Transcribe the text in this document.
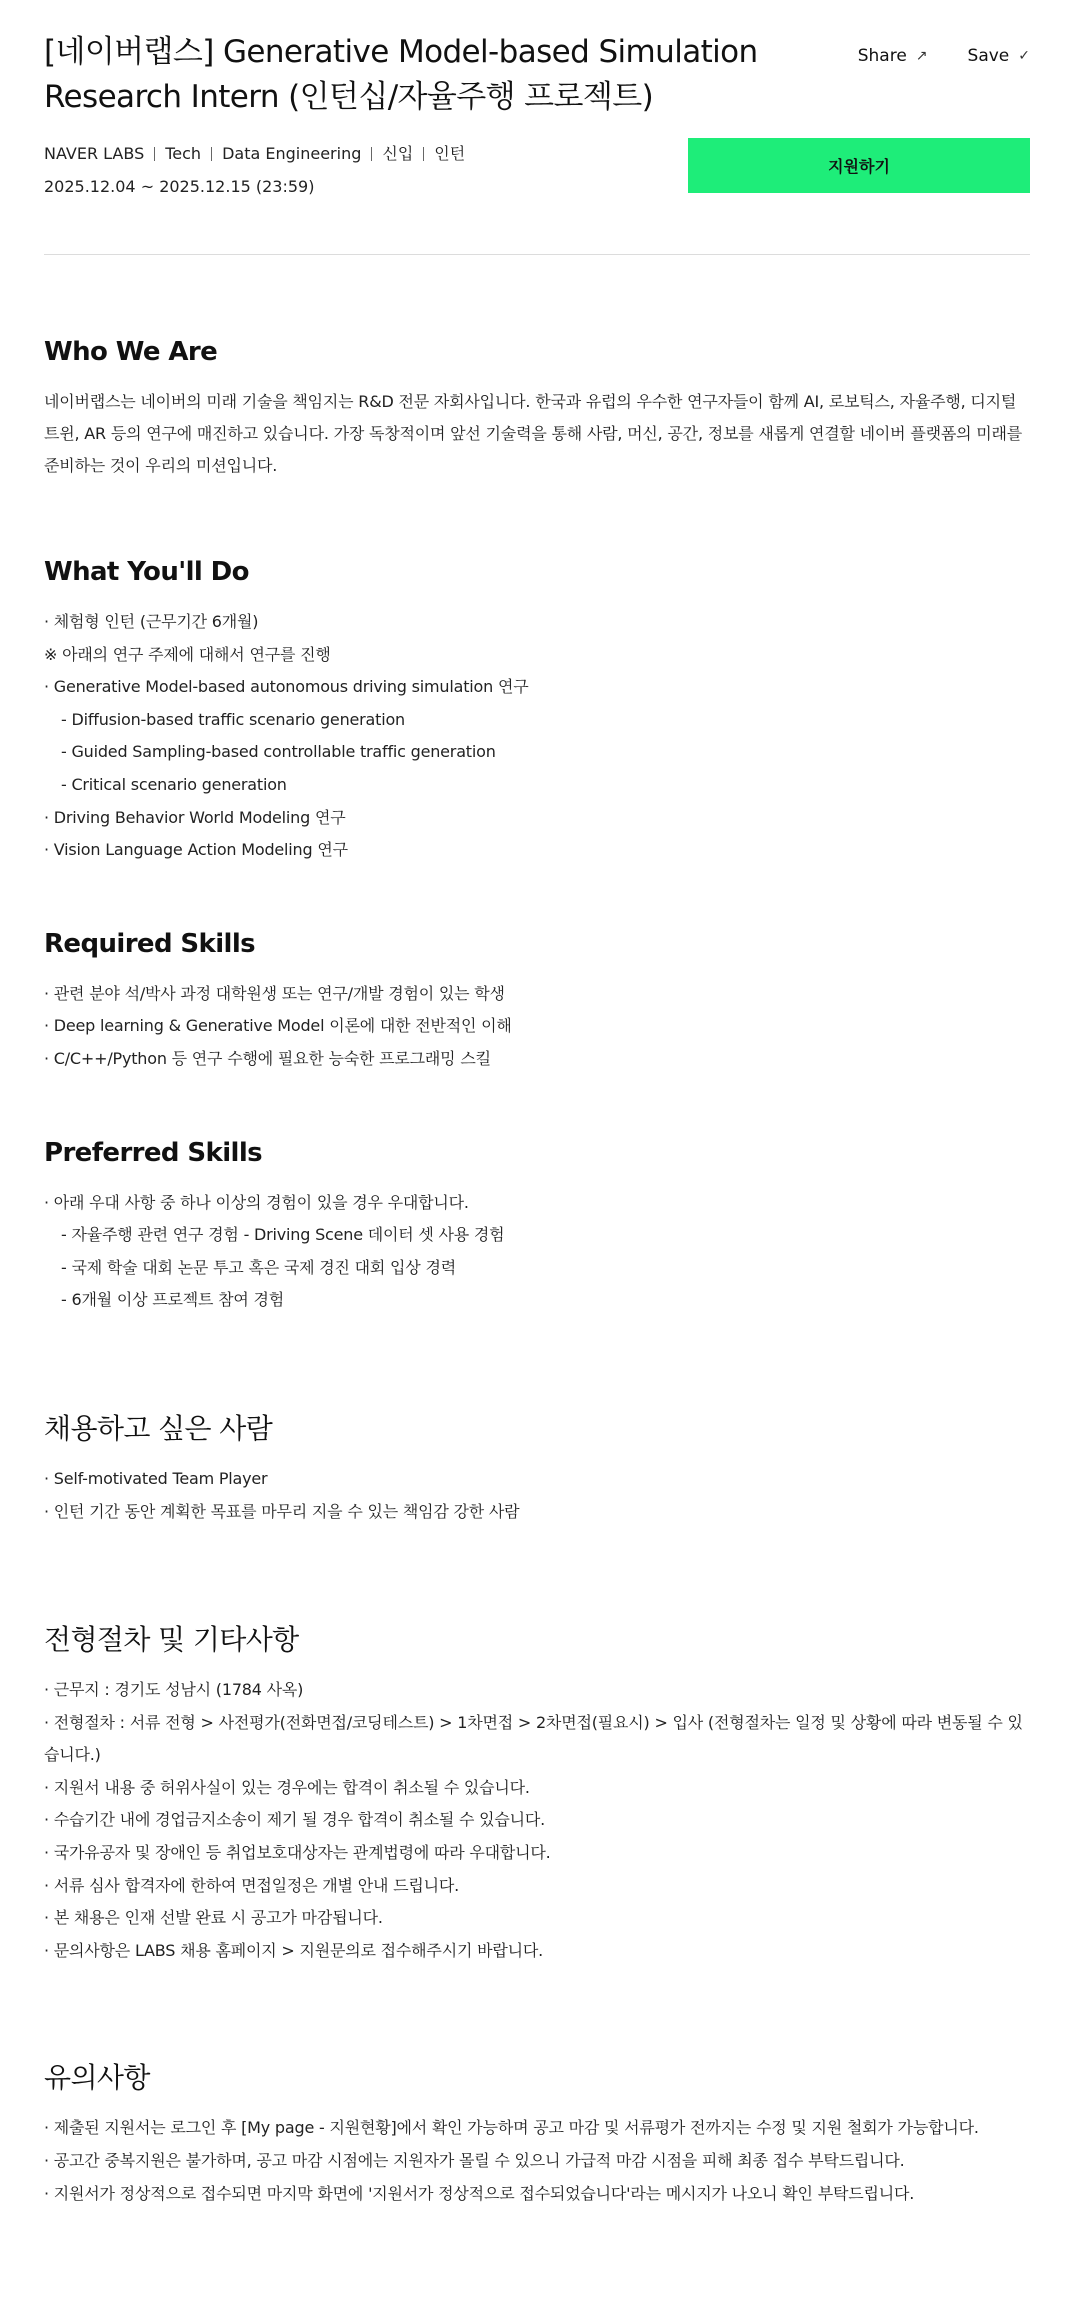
[네이버랩스] Generative Model-based Simulation Research Intern (인턴십/자율주행 프로젝트)
Share ↗ Save ✓
NAVER LABS Tech Data Engineering 신입 인턴
2025.12.04 ~ 2025.12.15 (23:59)
지원하기
Who We Are

네이버랩스는 네이버의 미래 기술을 책임지는 R&D 전문 자회사입니다. 한국과 유럽의 우수한 연구자들이 함께 AI, 로보틱스, 자율주행, 디지털 트윈, AR 등의 연구에 매진하고 있습니다. 가장 독창적이며 앞선 기술력을 통해 사람, 머신, 공간, 정보를 새롭게 연결할 네이버 플랫폼의 미래를 준비하는 것이 우리의 미션입니다.

What You'll Do
· 체험형 인턴 (근무기간 6개월)
※ 아래의 연구 주제에 대해서 연구를 진행
· Generative Model-based autonomous driving simulation 연구
- Diffusion-based traffic scenario generation
- Guided Sampling-based controllable traffic generation
- Critical scenario generation
· Driving Behavior World Modeling 연구
· Vision Language Action Modeling 연구
Required Skills
· 관련 분야 석/박사 과정 대학원생 또는 연구/개발 경험이 있는 학생
· Deep learning & Generative Model 이론에 대한 전반적인 이해
· C/C++/Python 등 연구 수행에 필요한 능숙한 프로그래밍 스킬
Preferred Skills
· 아래 우대 사항 중 하나 이상의 경험이 있을 경우 우대합니다.
- 자율주행 관련 연구 경험 - Driving Scene 데이터 셋 사용 경험
- 국제 학술 대회 논문 투고 혹은 국제 경진 대회 입상 경력
- 6개월 이상 프로젝트 참여 경험
채용하고 싶은 사람
· Self-motivated Team Player
· 인턴 기간 동안 계획한 목표를 마무리 지을 수 있는 책임감 강한 사람
전형절차 및 기타사항
· 근무지 : 경기도 성남시 (1784 사옥)
· 전형절차 : 서류 전형 > 사전평가(전화면접/코딩테스트) > 1차면접 > 2차면접(필요시) > 입사 (전형절차는 일정 및 상황에 따라 변동될 수 있습니다.)
· 지원서 내용 중 허위사실이 있는 경우에는 합격이 취소될 수 있습니다.
· 수습기간 내에 경업금지소송이 제기 될 경우 합격이 취소될 수 있습니다.
· 국가유공자 및 장애인 등 취업보호대상자는 관계법령에 따라 우대합니다.
· 서류 심사 합격자에 한하여 면접일정은 개별 안내 드립니다.
· 본 채용은 인재 선발 완료 시 공고가 마감됩니다.
· 문의사항은 LABS 채용 홈페이지 > 지원문의로 접수해주시기 바랍니다.
유의사항
· 제출된 지원서는 로그인 후 [My page - 지원현황]에서 확인 가능하며 공고 마감 및 서류평가 전까지는 수정 및 지원 철회가 가능합니다.
· 공고간 중복지원은 불가하며, 공고 마감 시점에는 지원자가 몰릴 수 있으니 가급적 마감 시점을 피해 최종 접수 부탁드립니다.
· 지원서가 정상적으로 접수되면 마지막 화면에 '지원서가 정상적으로 접수되었습니다'라는 메시지가 나오니 확인 부탁드립니다.
